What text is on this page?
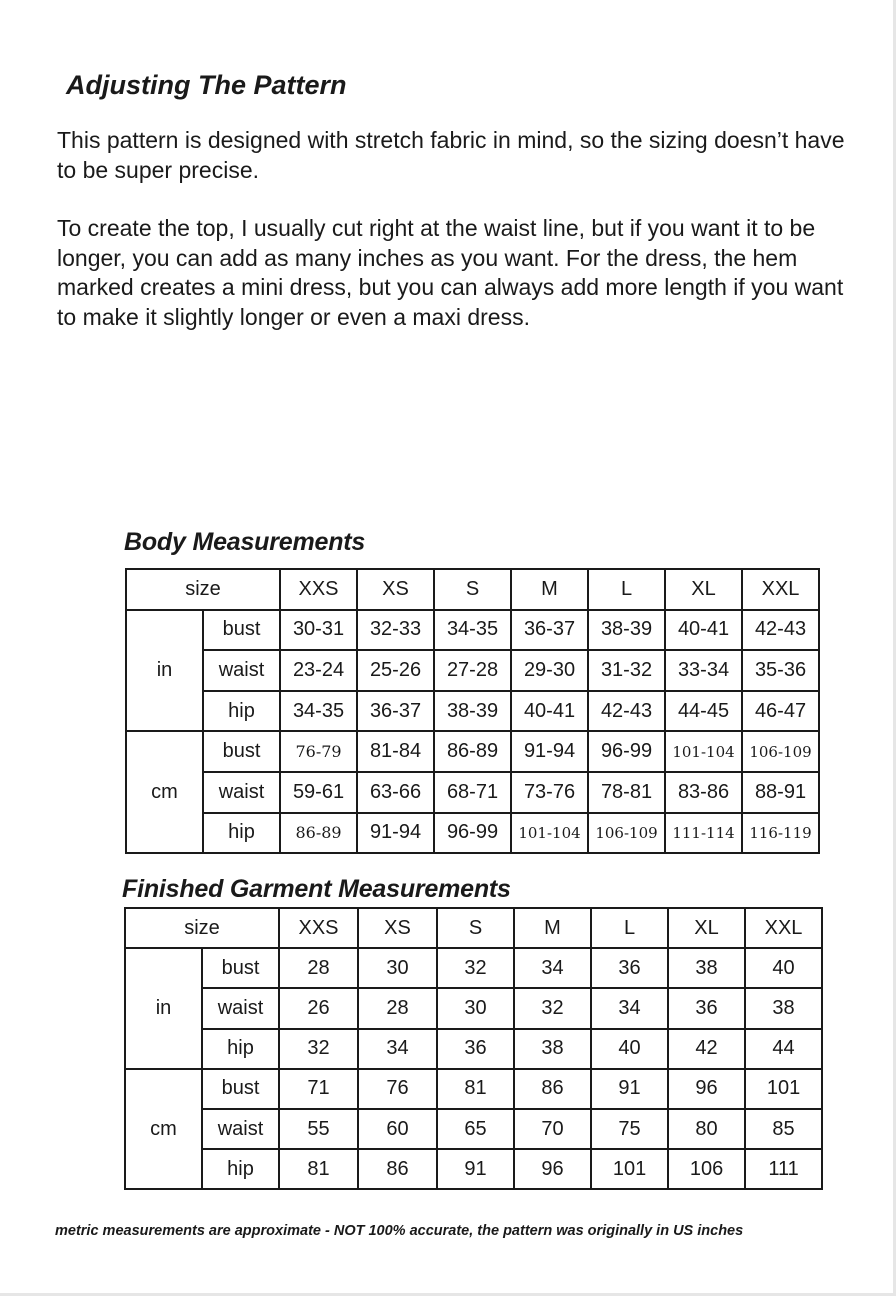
Adjusting The Pattern

This pattern is designed with stretch fabric in mind, so the sizing doesn’t have to be super precise.

To create the top, I usually cut right at the waist line, but if you want it to be longer, you can add as many inches as you want. For the dress, the hem marked creates a mini dress, but you can always add more length if you want to make it slightly longer or even a maxi dress.

Body Measurements
size		XXS	XS	S	M	L	XL	XXL
in	bust	30-31	32-33	34-35	36-37	38-39	40-41	42-43
	waist	23-24	25-26	27-28	29-30	31-32	33-34	35-36
	hip	34-35	36-37	38-39	40-41	42-43	44-45	46-47
cm	bust	76-79	81-84	86-89	91-94	96-99	101-104	106-109
	waist	59-61	63-66	68-71	73-76	78-81	83-86	88-91
	hip	86-89	91-94	96-99	101-104	106-109	111-114	116-119
Finished Garment Measurements
size		XXS	XS	S	M	L	XL	XXL
in	bust	28	30	32	34	36	38	40
	waist	26	28	30	32	34	36	38
	hip	32	34	36	38	40	42	44
cm	bust	71	76	81	86	91	96	101
	waist	55	60	65	70	75	80	85
	hip	81	86	91	96	101	106	111

metric measurements are approximate - NOT 100% accurate, the pattern was originally in US inches
